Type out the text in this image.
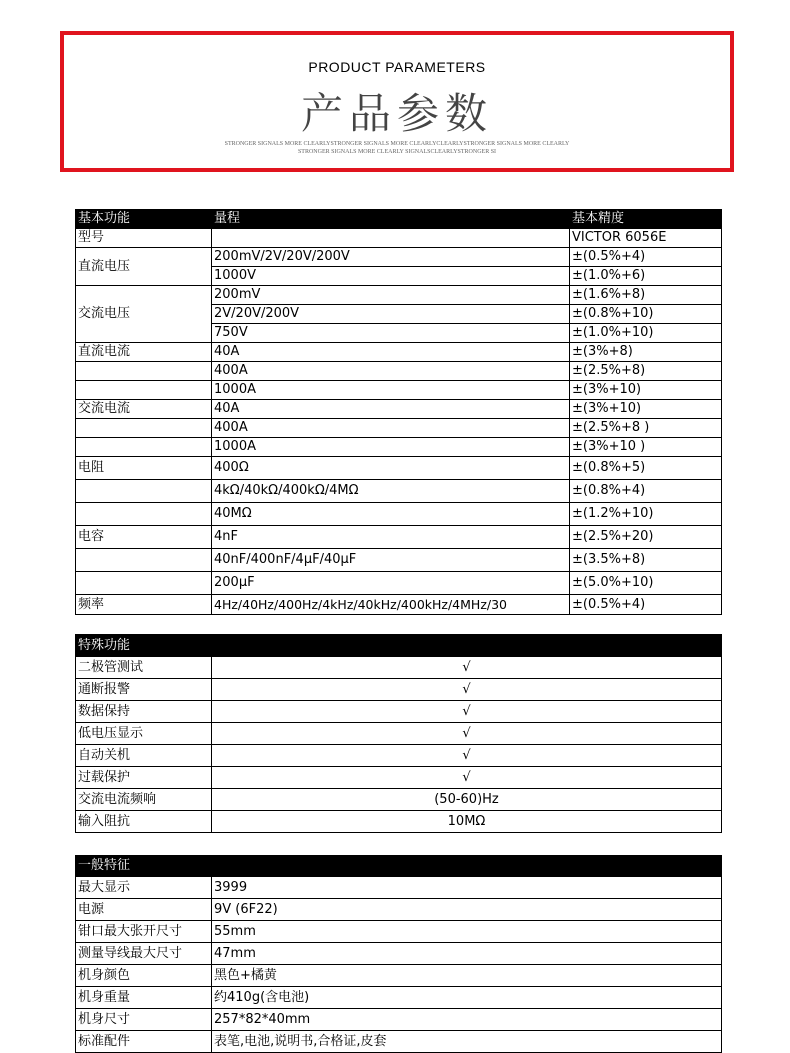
PRODUCT PARAMETERS
产品参数
STRONGER SIGNALS MORE CLEARLYSTRONGER SIGNALS MORE CLEARLYCLEARLYSTRONGER SIGNALS MORE CLEARLY
STRONGER SIGNALS MORE CLEARLY SIGNALSCLEARLYSTRONGER SI
基本功能	量程	基本精度
型号		VICTOR 6056E
直流电压	200mV/2V/20V/200V	±(0.5%+4)
	1000V	±(1.0%+6)
交流电压	200mV	±(1.6%+8)
	2V/20V/200V	±(0.8%+10)
	750V	±(1.0%+10)
直流电流	40A	±(3%+8)
	400A	±(2.5%+8)
	1000A	±(3%+10)
交流电流	40A	±(3%+10)
	400A	±(2.5%+8 )
	1000A	±(3%+10 )
电阻	400Ω	±(0.8%+5)
	4kΩ/40kΩ/400kΩ/4MΩ	±(0.8%+4)
	40MΩ	±(1.2%+10)
电容	4nF	±(2.5%+20)
	40nF/400nF/4μF/40μF	±(3.5%+8)
	200μF	±(5.0%+10)
频率	4Hz/40Hz/400Hz/4kHz/40kHz/400kHz/4MHz/30	±(0.5%+4)
特殊功能	
二极管测试	√
通断报警	√
数据保持	√
低电压显示	√
自动关机	√
过载保护	√
交流电流频响	(50-60)Hz
输入阻抗	10MΩ
一般特征	
最大显示	3999
电源	9V (6F22)
钳口最大张开尺寸	55mm
测量导线最大尺寸	47mm
机身颜色	黑色+橘黄
机身重量	约410g(含电池)
机身尺寸	257*82*40mm
标准配件	表笔,电池,说明书,合格证,皮套
